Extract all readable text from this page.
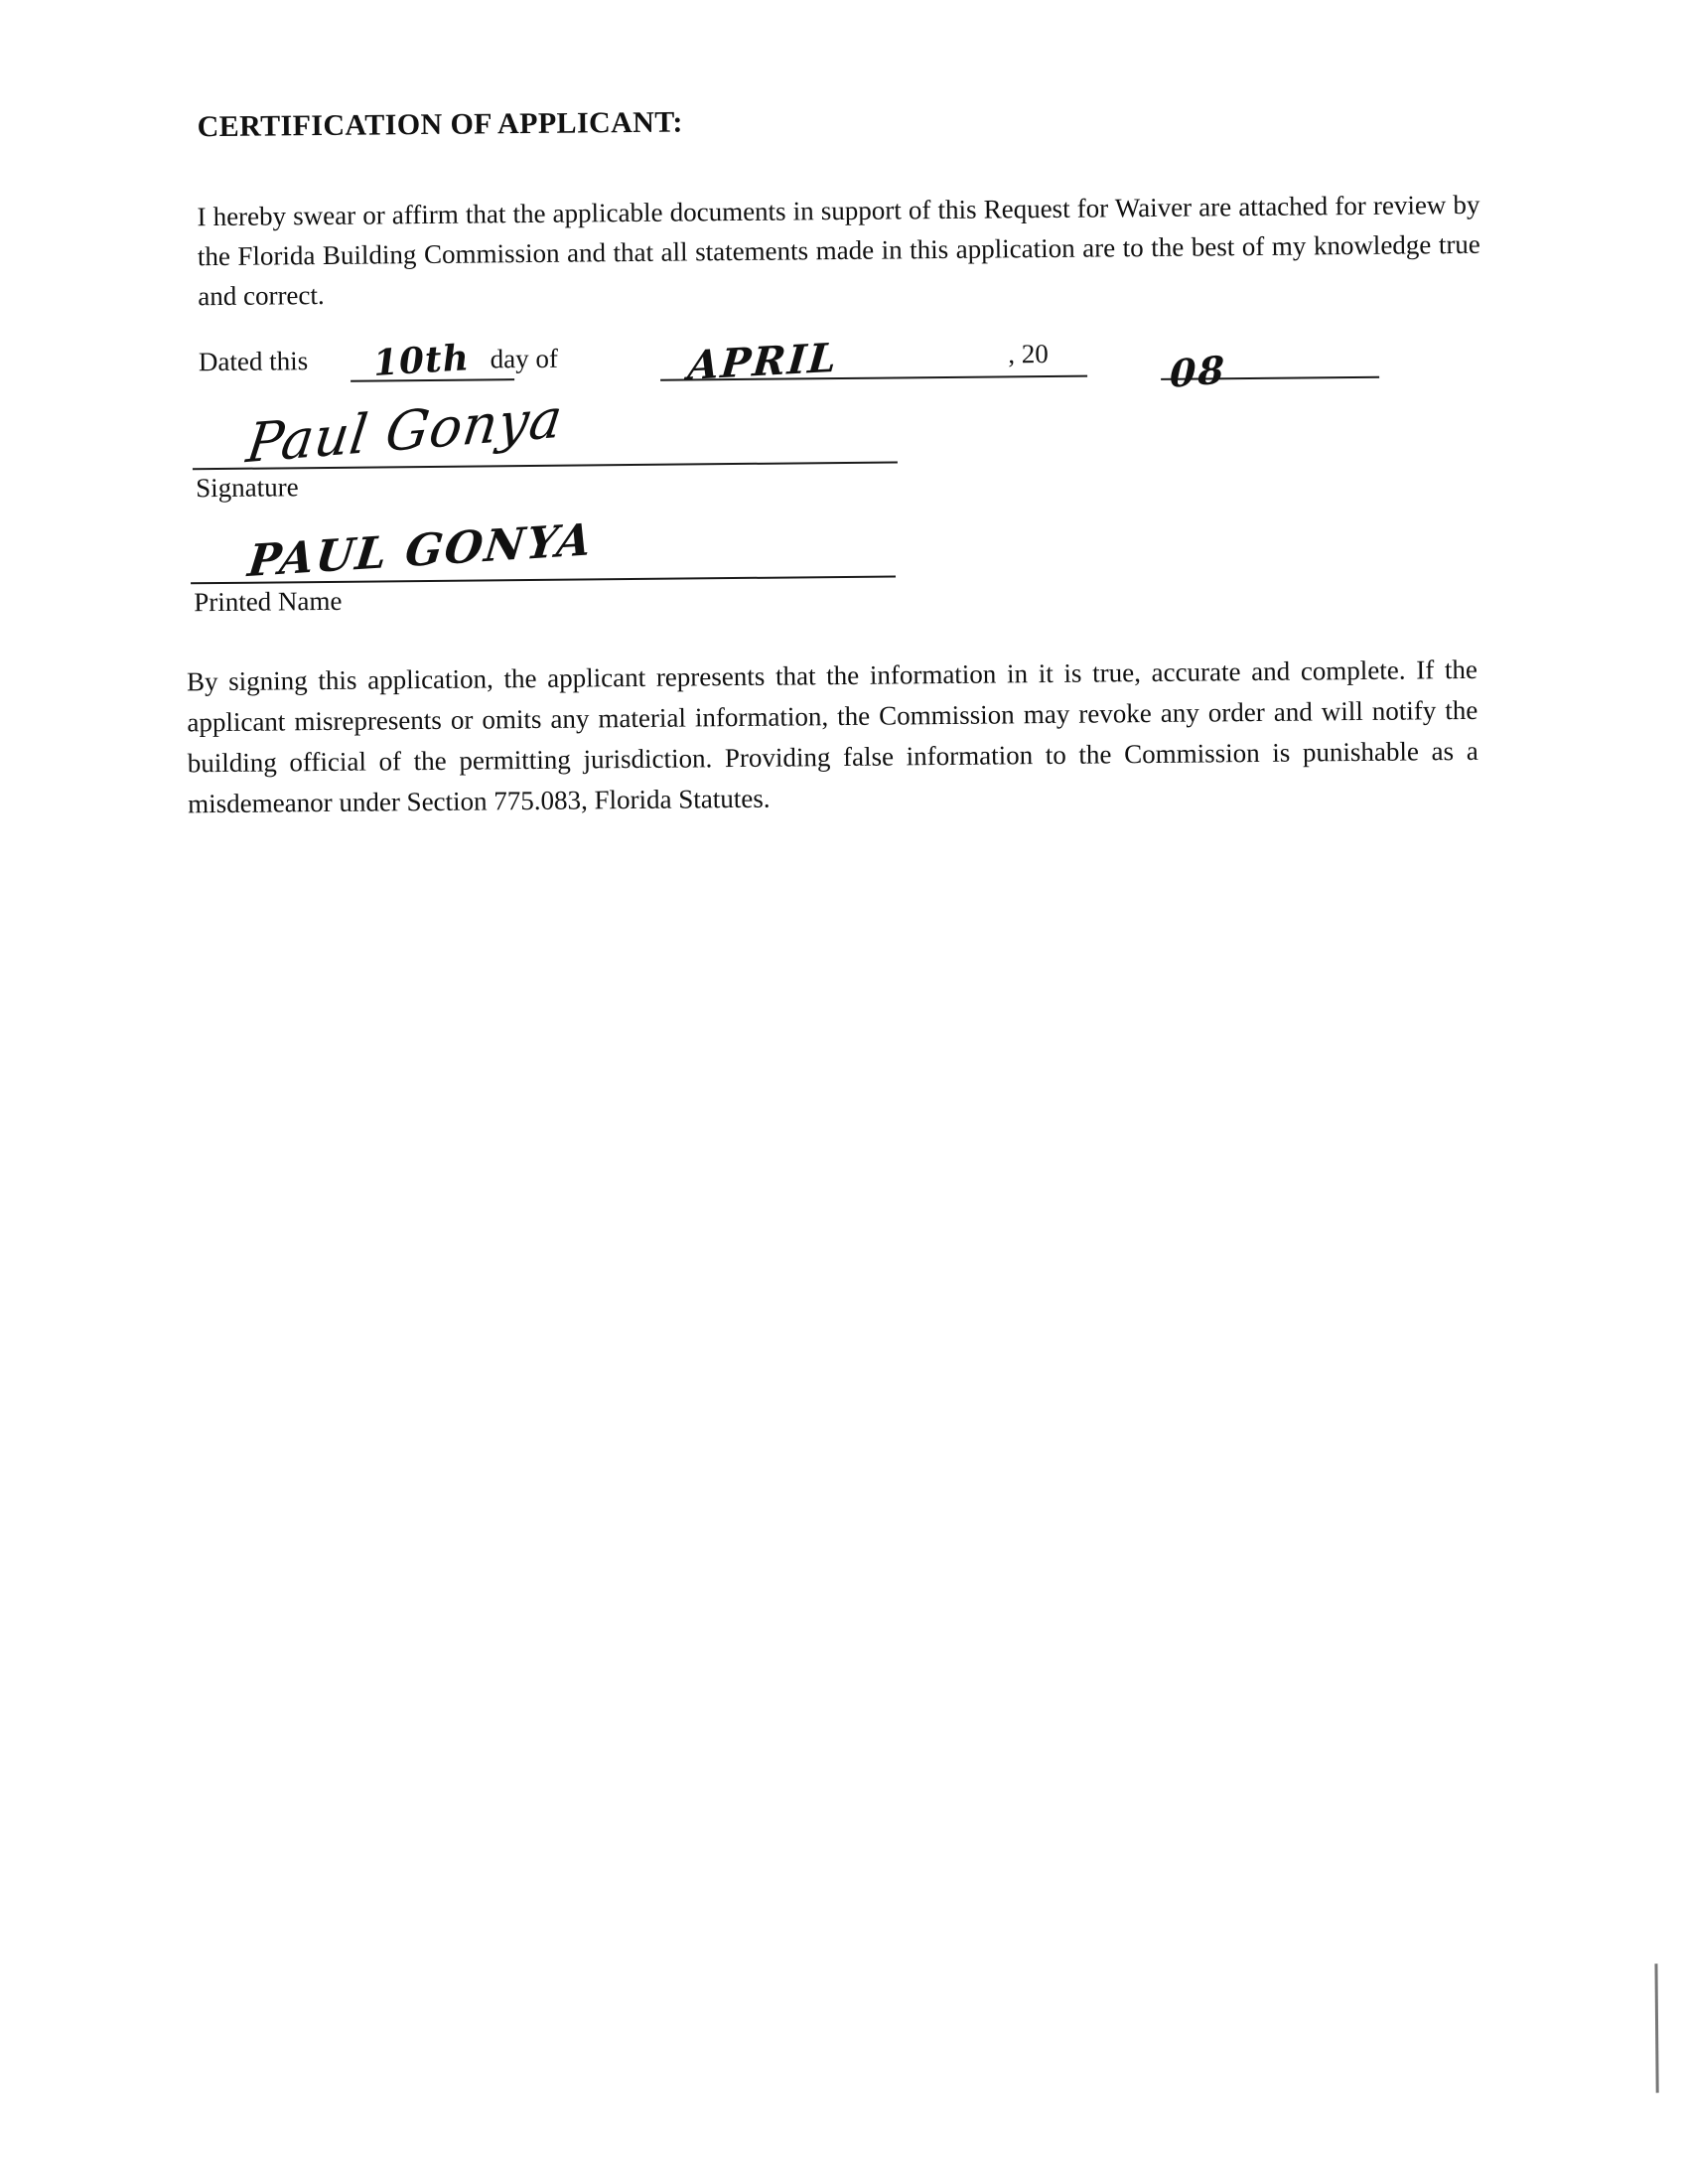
CERTIFICATION OF APPLICANT:
I hereby swear or affirm that the applicable documents in support of this Request for Waiver are attached for review by the Florida Building Commission and that all statements made in this application are to the best of my knowledge true and correct.
Dated this	day of	, 20
10th	APRIL	08
Paul Gonya
Signature
PAUL GONYA
Printed Name
By signing this application, the applicant represents that the information in it is true, accurate and complete. If the applicant misrepresents or omits any material information, the Commission may revoke any order and will notify the building official of the permitting jurisdiction. Providing false information to the Commission is punishable as a misdemeanor under Section 775.083, Florida Statutes.
